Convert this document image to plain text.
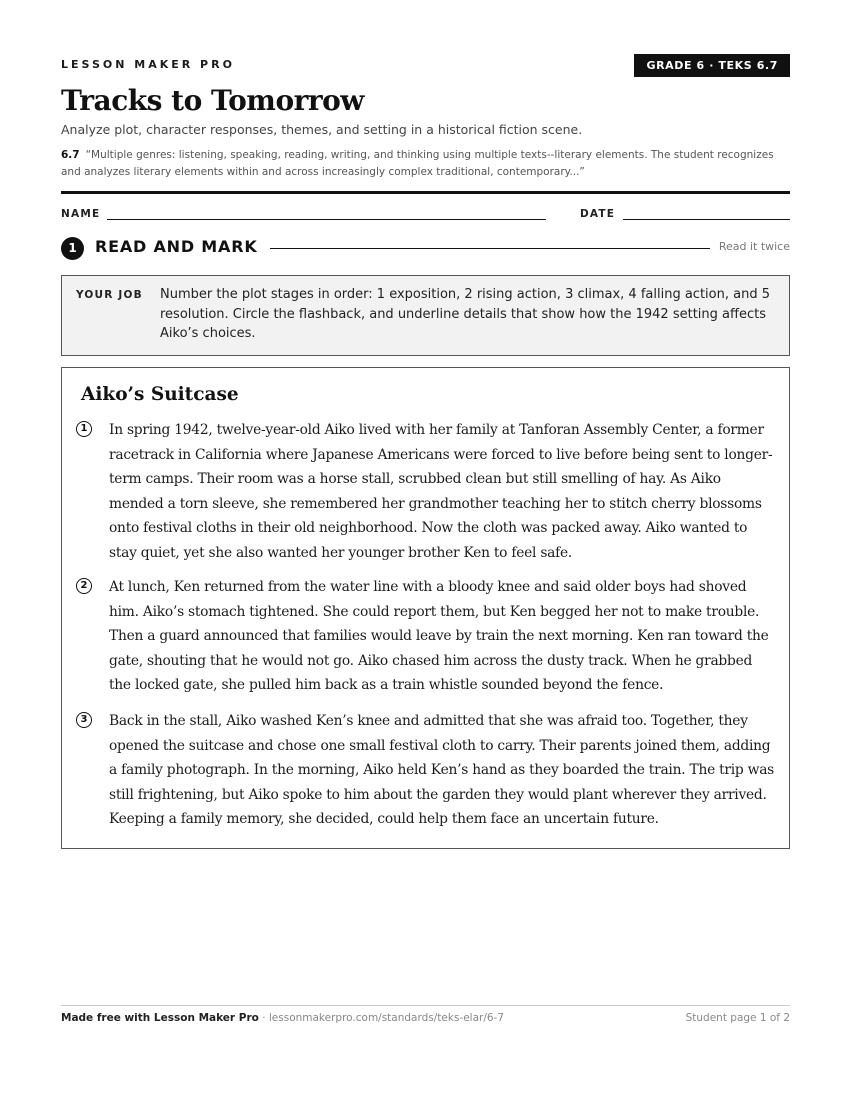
LESSON MAKER PRO	GRADE 6 · TEKS 6.7
Tracks to Tomorrow
Analyze plot, character responses, themes, and setting in a historical fiction scene.
6.7 “Multiple genres: listening, speaking, reading, writing, and thinking using multiple texts--literary elements. The student recognizes and analyzes literary elements within and across increasingly complex traditional, contemporary...”
NAME	DATE
1	READ AND MARK	Read it twice
YOUR JOB Number the plot stages in order: 1 exposition, 2 rising action, 3 climax, 4 falling action, and 5 resolution. Circle the flashback, and underline details that show how the 1942 setting affects Aiko’s choices.
Aiko’s Suitcase
1	In spring 1942, twelve-year-old Aiko lived with her family at Tanforan Assembly Center, a former racetrack in California where Japanese Americans were forced to live before being sent to longer-term camps. Their room was a horse stall, scrubbed clean but still smelling of hay. As Aiko mended a torn sleeve, she remembered her grandmother teaching her to stitch cherry blossoms onto festival cloths in their old neighborhood. Now the cloth was packed away. Aiko wanted to stay quiet, yet she also wanted her younger brother Ken to feel safe.
2	At lunch, Ken returned from the water line with a bloody knee and said older boys had shoved him. Aiko’s stomach tightened. She could report them, but Ken begged her not to make trouble. Then a guard announced that families would leave by train the next morning. Ken ran toward the gate, shouting that he would not go. Aiko chased him across the dusty track. When he grabbed the locked gate, she pulled him back as a train whistle sounded beyond the fence.
3	Back in the stall, Aiko washed Ken’s knee and admitted that she was afraid too. Together, they opened the suitcase and chose one small festival cloth to carry. Their parents joined them, adding a family photograph. In the morning, Aiko held Ken’s hand as they boarded the train. The trip was still frightening, but Aiko spoke to him about the garden they would plant wherever they arrived. Keeping a family memory, she decided, could help them face an uncertain future.
Made free with Lesson Maker Pro · lessonmakerpro.com/standards/teks-elar/6-7	Student page 1 of 2
